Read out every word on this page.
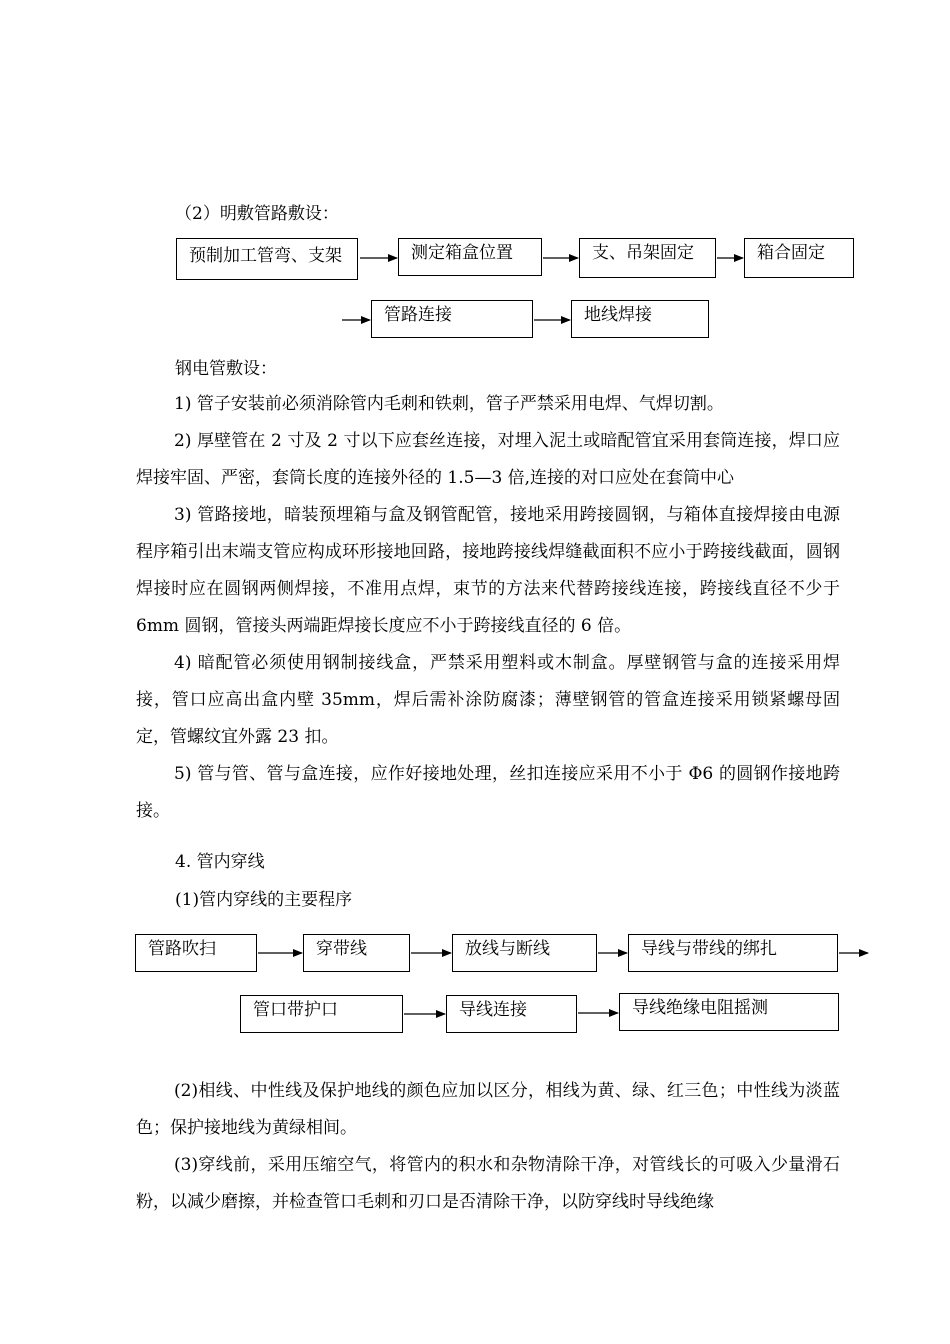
（2）明敷管路敷设：
预制加工管弯、支架	测定箱盒位置	支、吊架固定	箱合固定
管路连接	地线焊接
钢电管敷设：

1) 管子安装前必须消除管内毛刺和铁刺，管子严禁采用电焊、气焊切割。

2) 厚壁管在 2 寸及 2 寸以下应套丝连接，对埋入泥土或暗配管宜采用套筒连接，焊口应焊接牢固、严密，套筒长度的连接外径的 1.5—3 倍,连接的对口应处在套筒中心

3) 管路接地，暗装预埋箱与盒及钢管配管，接地采用跨接圆钢，与箱体直接焊接由电源程序箱引出末端支管应构成环形接地回路，接地跨接线焊缝截面积不应小于跨接线截面，圆钢焊接时应在圆钢两侧焊接，不准用点焊，束节的方法来代替跨接线连接，跨接线直径不少于 6mm 圆钢，管接头两端距焊接长度应不小于跨接线直径的 6 倍。

4) 暗配管必须使用钢制接线盒，严禁采用塑料或木制盒。厚壁钢管与盒的连接采用焊接，管口应高出盒内壁 35mm，焊后需补涂防腐漆；薄壁钢管的管盒连接采用锁紧螺母固定，管螺纹宜外露 23 扣。

5) 管与管、管与盒连接，应作好接地处理，丝扣连接应采用不小于 Φ6 的圆钢作接地跨接。

4. 管内穿线
(1)管内穿线的主要程序
管路吹扫	穿带线	放线与断线	导线与带线的绑扎
管口带护口	导线连接	导线绝缘电阻摇测

(2)相线、中性线及保护地线的颜色应加以区分，相线为黄、绿、红三色；中性线为淡蓝色；保护接地线为黄绿相间。

(3)穿线前，采用压缩空气，将管内的积水和杂物清除干净，对管线长的可吸入少量滑石粉，以减少磨擦，并检查管口毛刺和刃口是否清除干净，以防穿线时导线绝缘
